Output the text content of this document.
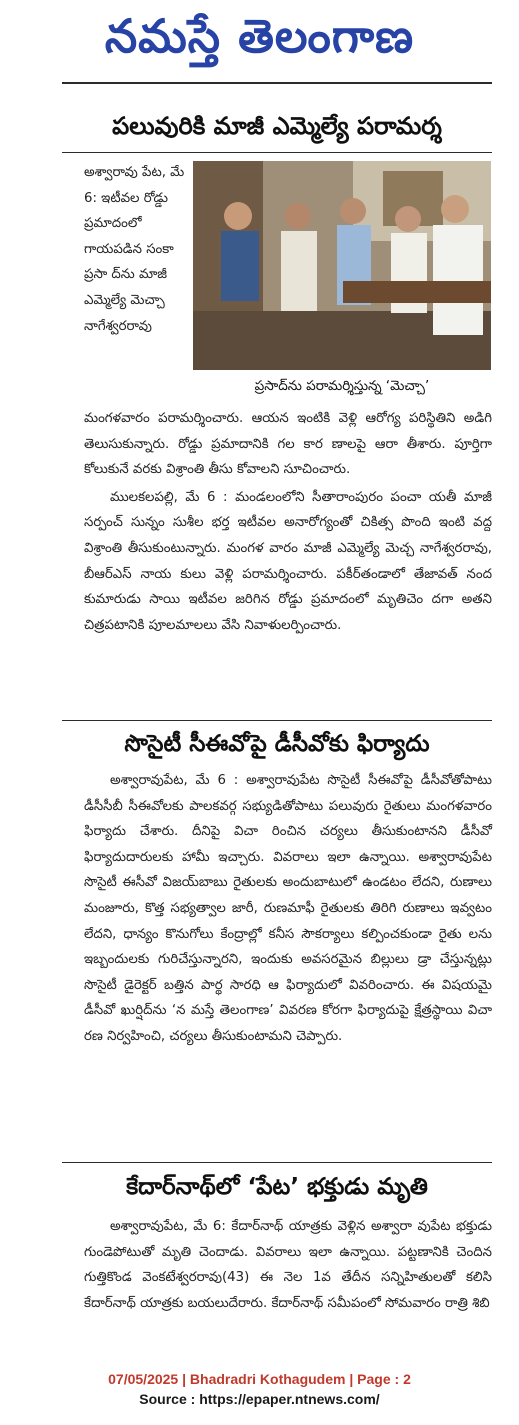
నమస్తే తెలంగాణ
పలువురికి మాజీ ఎమ్మెల్యే పరామర్శ
అశ్వారావు పేట, మే 6: ఇటీవల రోడ్డు ప్రమాదంలో గాయపడిన సంకా ప్రసా ద్‌ను మాజీ ఎమ్మెల్యే మెచ్చా నాగేశ్వరరావు
ప్రసాద్‌ను పరామర్శిస్తున్న ‘మెచ్చా’

మంగళవారం పరామర్శించారు. ఆయన ఇంటికి వెళ్లి ఆరోగ్య పరిస్థితిని అడిగి తెలుసుకున్నారు. రోడ్డు ప్రమాదానికి గల కార ణాలపై ఆరా తీశారు. పూర్తిగా కోలుకునే వరకు విశ్రాంతి తీసు కోవాలని సూచించారు.

ములకలపల్లి, మే 6 : మండలంలోని సీతారాంపురం పంచా యతీ మాజీ సర్పంచ్ సున్నం సుశీల భర్త ఇటీవల అనారోగ్యంతో చికిత్స పొంది ఇంటి వద్ద విశ్రాంతి తీసుకుంటున్నారు. మంగళ వారం మాజీ ఎమ్మెల్యే మెచ్చ నాగేశ్వరరావు, బీఆర్‌ఎస్ నాయ కులు వెళ్లి పరామర్శించారు. పకీర్‌తండాలో తేజావత్ నంద కుమారుడు సాయి ఇటీవల జరిగిన రోడ్డు ప్రమాదంలో మృతిచెం దగా అతని చిత్రపటానికి పూలమాలలు వేసి నివాళులర్పించారు.

సొసైటీ సీఈవోపై డీసీవోకు ఫిర్యాదు

అశ్వారావుపేట, మే 6 : అశ్వారావుపేట సొసైటీ సీఈవోపై డీసీవోతోపాటు డీసీసీబీ సీఈవోలకు పాలకవర్గ సభ్యుడితోపాటు పలువురు రైతులు మంగళవారం ఫిర్యాదు చేశారు. దీనిపై విచా రించిన చర్యలు తీసుకుంటానని డీసీవో ఫిర్యాదుదారులకు హామీ ఇచ్చారు. వివరాలు ఇలా ఉన్నాయి. అశ్వారావుపేట సొసైటీ ఈసీవో విజయ్‌బాబు రైతులకు అందుబాటులో ఉండటం లేదని, రుణాలు మంజూరు, కొత్త సభ్యత్వాల జారీ, రుణమాఫీ రైతులకు తిరిగి రుణాలు ఇవ్వటం లేదని, ధాన్యం కొనుగోలు కేంద్రాల్లో కనీస సౌకర్యాలు కల్పించకుండా రైతు లను ఇబ్బందులకు గురిచేస్తున్నారని, ఇందుకు అవసరమైన బిల్లులు డ్రా చేస్తున్నట్లు సొసైటీ డైరెక్టర్ బత్తిన పార్థ సారధి ఆ ఫిర్యాదులో వివరించారు. ఈ విషయమై డీసీవో ఖుర్షిద్‌ను ‘న మస్తే తెలంగాణ’ వివరణ కోరగా ఫిర్యాదుపై క్షేత్రస్థాయి విచా రణ నిర్వహించి, చర్యలు తీసుకుంటామని చెప్పారు.

కేదార్‌నాథ్‌లో ‘పేట’ భక్తుడు మృతి

అశ్వారావుపేట, మే 6: కేదార్‌నాథ్ యాత్రకు వెళ్లిన అశ్వారా వుపేట భక్తుడు గుండెపోటుతో మృతి చెందాడు. వివరాలు ఇలా ఉన్నాయి. పట్టణానికి చెందిన గుత్తికొండ వెంకటేశ్వరరావు(43) ఈ నెల 1వ తేదీన సన్నిహితులతో కలిసి కేదార్‌నాథ్ యాత్రకు బయలుదేరారు. కేదార్‌నాథ్ సమీపంలో సోమవారం రాత్రి శిబి

07/05/2025 | Bhadradri Kothagudem | Page : 2
Source : https://epaper.ntnews.com/
